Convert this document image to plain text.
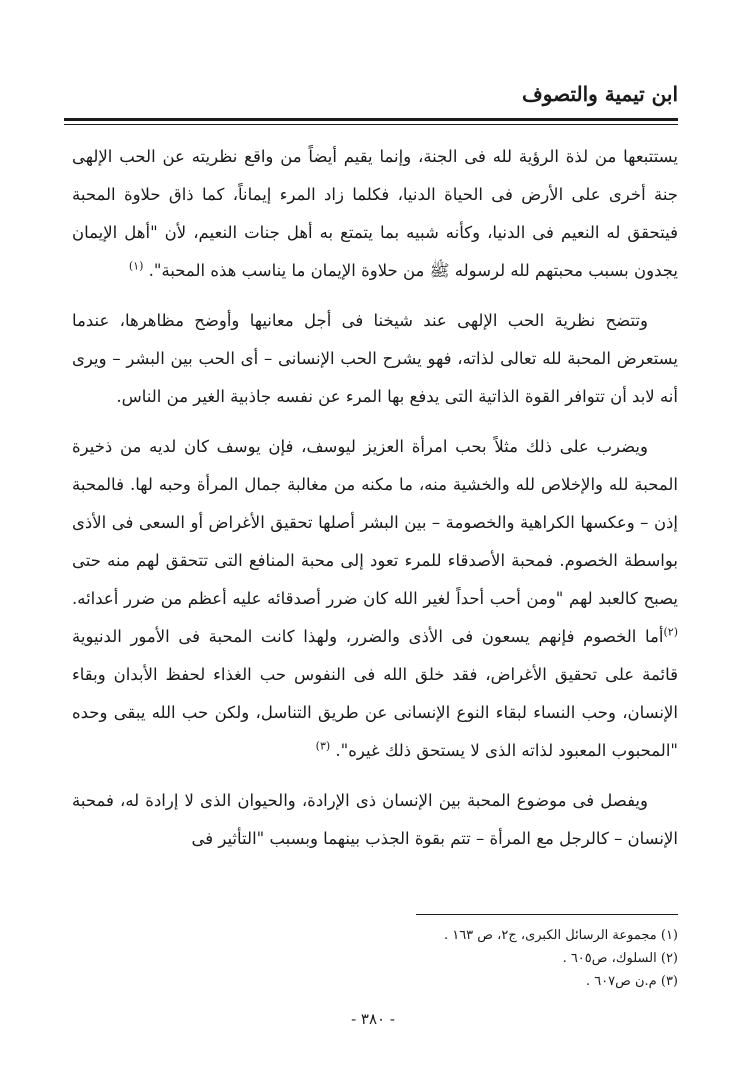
ابن تيمية والتصوف

يستتبعها من لذة الرؤية لله فى الجنة، وإنما يقيم أيضاً من واقع نظريته عن الحب الإلهى جنة أخرى على الأرض فى الحياة الدنيا، فكلما زاد المرء إيماناً، كما ذاق حلاوة المحبة فيتحقق له النعيم فى الدنيا، وكأنه شبيه بما يتمتع به أهل جنات النعيم، لأن "أهل الإيمان يجدون بسبب محبتهم لله لرسوله ﷺ من حلاوة الإيمان ما يناسب هذه المحبة". $^{(١)}$

وتتضح نظرية الحب الإلهى عند شيخنا فى أجل معانيها وأوضح مظاهرها، عندما يستعرض المحبة لله تعالى لذاته، فهو يشرح الحب الإنسانى – أى الحب بين البشر – ويرى أنه لابد أن تتوافر القوة الذاتية التى يدفع بها المرء عن نفسه جاذبية الغير من الناس.

ويضرب على ذلك مثلاً بحب امرأة العزيز ليوسف، فإن يوسف كان لديه من ذخيرة المحبة لله والإخلاص لله والخشية منه، ما مكنه من مغالبة جمال المرأة وحبه لها. فالمحبة إذن – وعكسها الكراهية والخصومة – بين البشر أصلها تحقيق الأغراض أو السعى فى الأذى بواسطة الخصوم. فمحبة الأصدقاء للمرء تعود إلى محبة المنافع التى تتحقق لهم منه حتى يصبح كالعبد لهم "ومن أحب أحداً لغير الله كان ضرر أصدقائه عليه أعظم من ضرر أعدائه. $^{(٢)}$أما الخصوم فإنهم يسعون فى الأذى والضرر، ولهذا كانت المحبة فى الأمور الدنيوية قائمة على تحقيق الأغراض، فقد خلق الله فى النفوس حب الغذاء لحفظ الأبدان وبقاء الإنسان، وحب النساء لبقاء النوع الإنسانى عن طريق التناسل، ولكن حب الله يبقى وحده "المحبوب المعبود لذاته الذى لا يستحق ذلك غيره". $^{(٣)}$

ويفصل فى موضوع المحبة بين الإنسان ذى الإرادة، والحيوان الذى لا إرادة له، فمحبة الإنسان – كالرجل مع المرأة – تتم بقوة الجذب بينهما وبسبب "التأثير فى

(١) مجموعة الرسائل الكبرى، ج٢، ص ١٦٣ .
(٢) السلوك، ص٦٠٥ .
(٣) م.ن ص٦٠٧ .
- ٣٨٠ -
